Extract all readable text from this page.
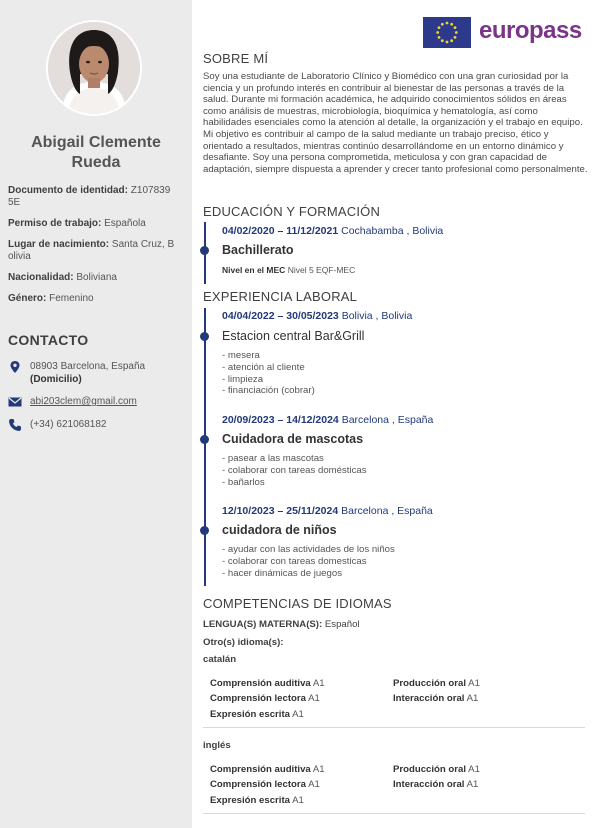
Abigail Clemente
Rueda
Documento de identidad: Z107839 5E
Permiso de trabajo: Española
Lugar de nacimiento: Santa Cruz, B olivia
Nacionalidad: Boliviana
Género: Femenino
CONTACTO
08903 Barcelona, España
(Domicilio)
abi203clem@gmail.com
(+34) 621068182
europass
SOBRE MÍ
Soy una estudiante de Laboratorio Clínico y Biomédico con una gran curiosidad por la ciencia y un profundo interés en contribuir al bienestar de las personas a través de la salud. Durante mi formación académica, he adquirido conocimientos sólidos en áreas como análisis de muestras, microbiología, bioquímica y hematología, así como habilidades esenciales como la atención al detalle, la organización y el trabajo en equipo. Mi objetivo es contribuir al campo de la salud mediante un trabajo preciso, ético y orientado a resultados, mientras continúo desarrollándome en un entorno dinámico y desafiante. Soy una persona comprometida, meticulosa y con gran capacidad de adaptación, siempre dispuesta a aprender y crecer tanto profesional como personalmente.
EDUCACIÓN Y FORMACIÓN
04/02/2020 – 11/12/2021 Cochabamba , Bolivia
Bachillerato
Nivel en el MEC Nivel 5 EQF-MEC
EXPERIENCIA LABORAL
04/04/2022 – 30/05/2023 Bolivia , Bolivia
Estacion central Bar&Grill
- mesera
- atención al cliente
- limpieza
- financiación (cobrar)
20/09/2023 – 14/12/2024 Barcelona , España
Cuidadora de mascotas
- pasear a las mascotas
- colaborar con tareas domésticas
- bañarlos
12/10/2023 – 25/11/2024 Barcelona , España
cuidadora de niños
- ayudar con las actividades de los niños
- colaborar con tareas domesticas
- hacer dinámicas de juegos
COMPETENCIAS DE IDIOMAS
LENGUA(S) MATERNA(S): Español
Otro(s) idioma(s):
catalán
Comprensión auditiva A1	Producción oral A1
Comprensión lectora A1	Interacción oral A1
Expresión escrita A1
inglés
Comprensión auditiva A1	Producción oral A1
Comprensión lectora A1	Interacción oral A1
Expresión escrita A1
